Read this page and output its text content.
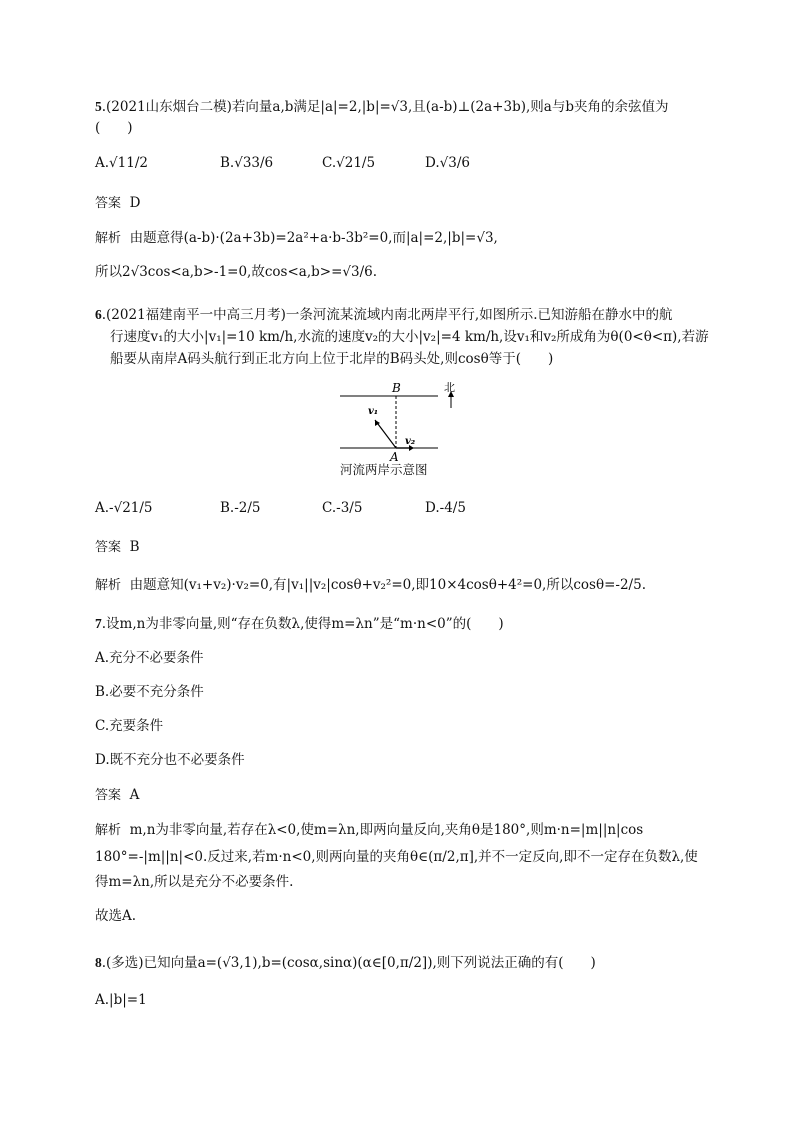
5.(2021山东烟台二模)若向量a,b满足|a|=2,|b|=√3,且(a-b)⊥(2a+3b),则a与b夹角的余弦值为
(　　)
A.√11/2	B.√33/6	C.√21/5	D.√3/6
答案 D
解析 由题意得(a-b)·(2a+3b)=2a²+a·b-3b²=0,而|a|=2,|b|=√3,
所以2√3cos<a,b>-1=0,故cos<a,b>=√3/6.
6.(2021福建南平一中高三月考)一条河流某流域内南北两岸平行,如图所示.已知游船在静水中的航
行速度v₁的大小|v₁|=10 km/h,水流的速度v₂的大小|v₂|=4 km/h,设v₁和v₂所成角为θ(0<θ<π),若游
船要从南岸A码头航行到正北方向上位于北岸的B码头处,则cosθ等于(　　)
B
A
北
v₁
v₂
河流两岸示意图
A.-√21/5	B.-2/5	C.-3/5	D.-4/5
答案 B
解析 由题意知(v₁+v₂)·v₂=0,有|v₁||v₂|cosθ+v₂²=0,即10×4cosθ+4²=0,所以cosθ=-2/5.
7.设m,n为非零向量,则“存在负数λ,使得m=λn”是“m·n<0”的(　　)
A.充分不必要条件
B.必要不充分条件
C.充要条件
D.既不充分也不必要条件
答案 A
解析 m,n为非零向量,若存在λ<0,使m=λn,即两向量反向,夹角θ是180°,则m·n=|m||n|cos
180°=-|m||n|<0.反过来,若m·n<0,则两向量的夹角θ∈(π/2,π],并不一定反向,即不一定存在负数λ,使
得m=λn,所以是充分不必要条件.
故选A.
8.(多选)已知向量a=(√3,1),b=(cosα,sinα)(α∈[0,π/2]),则下列说法正确的有(　　)
A.|b|=1
